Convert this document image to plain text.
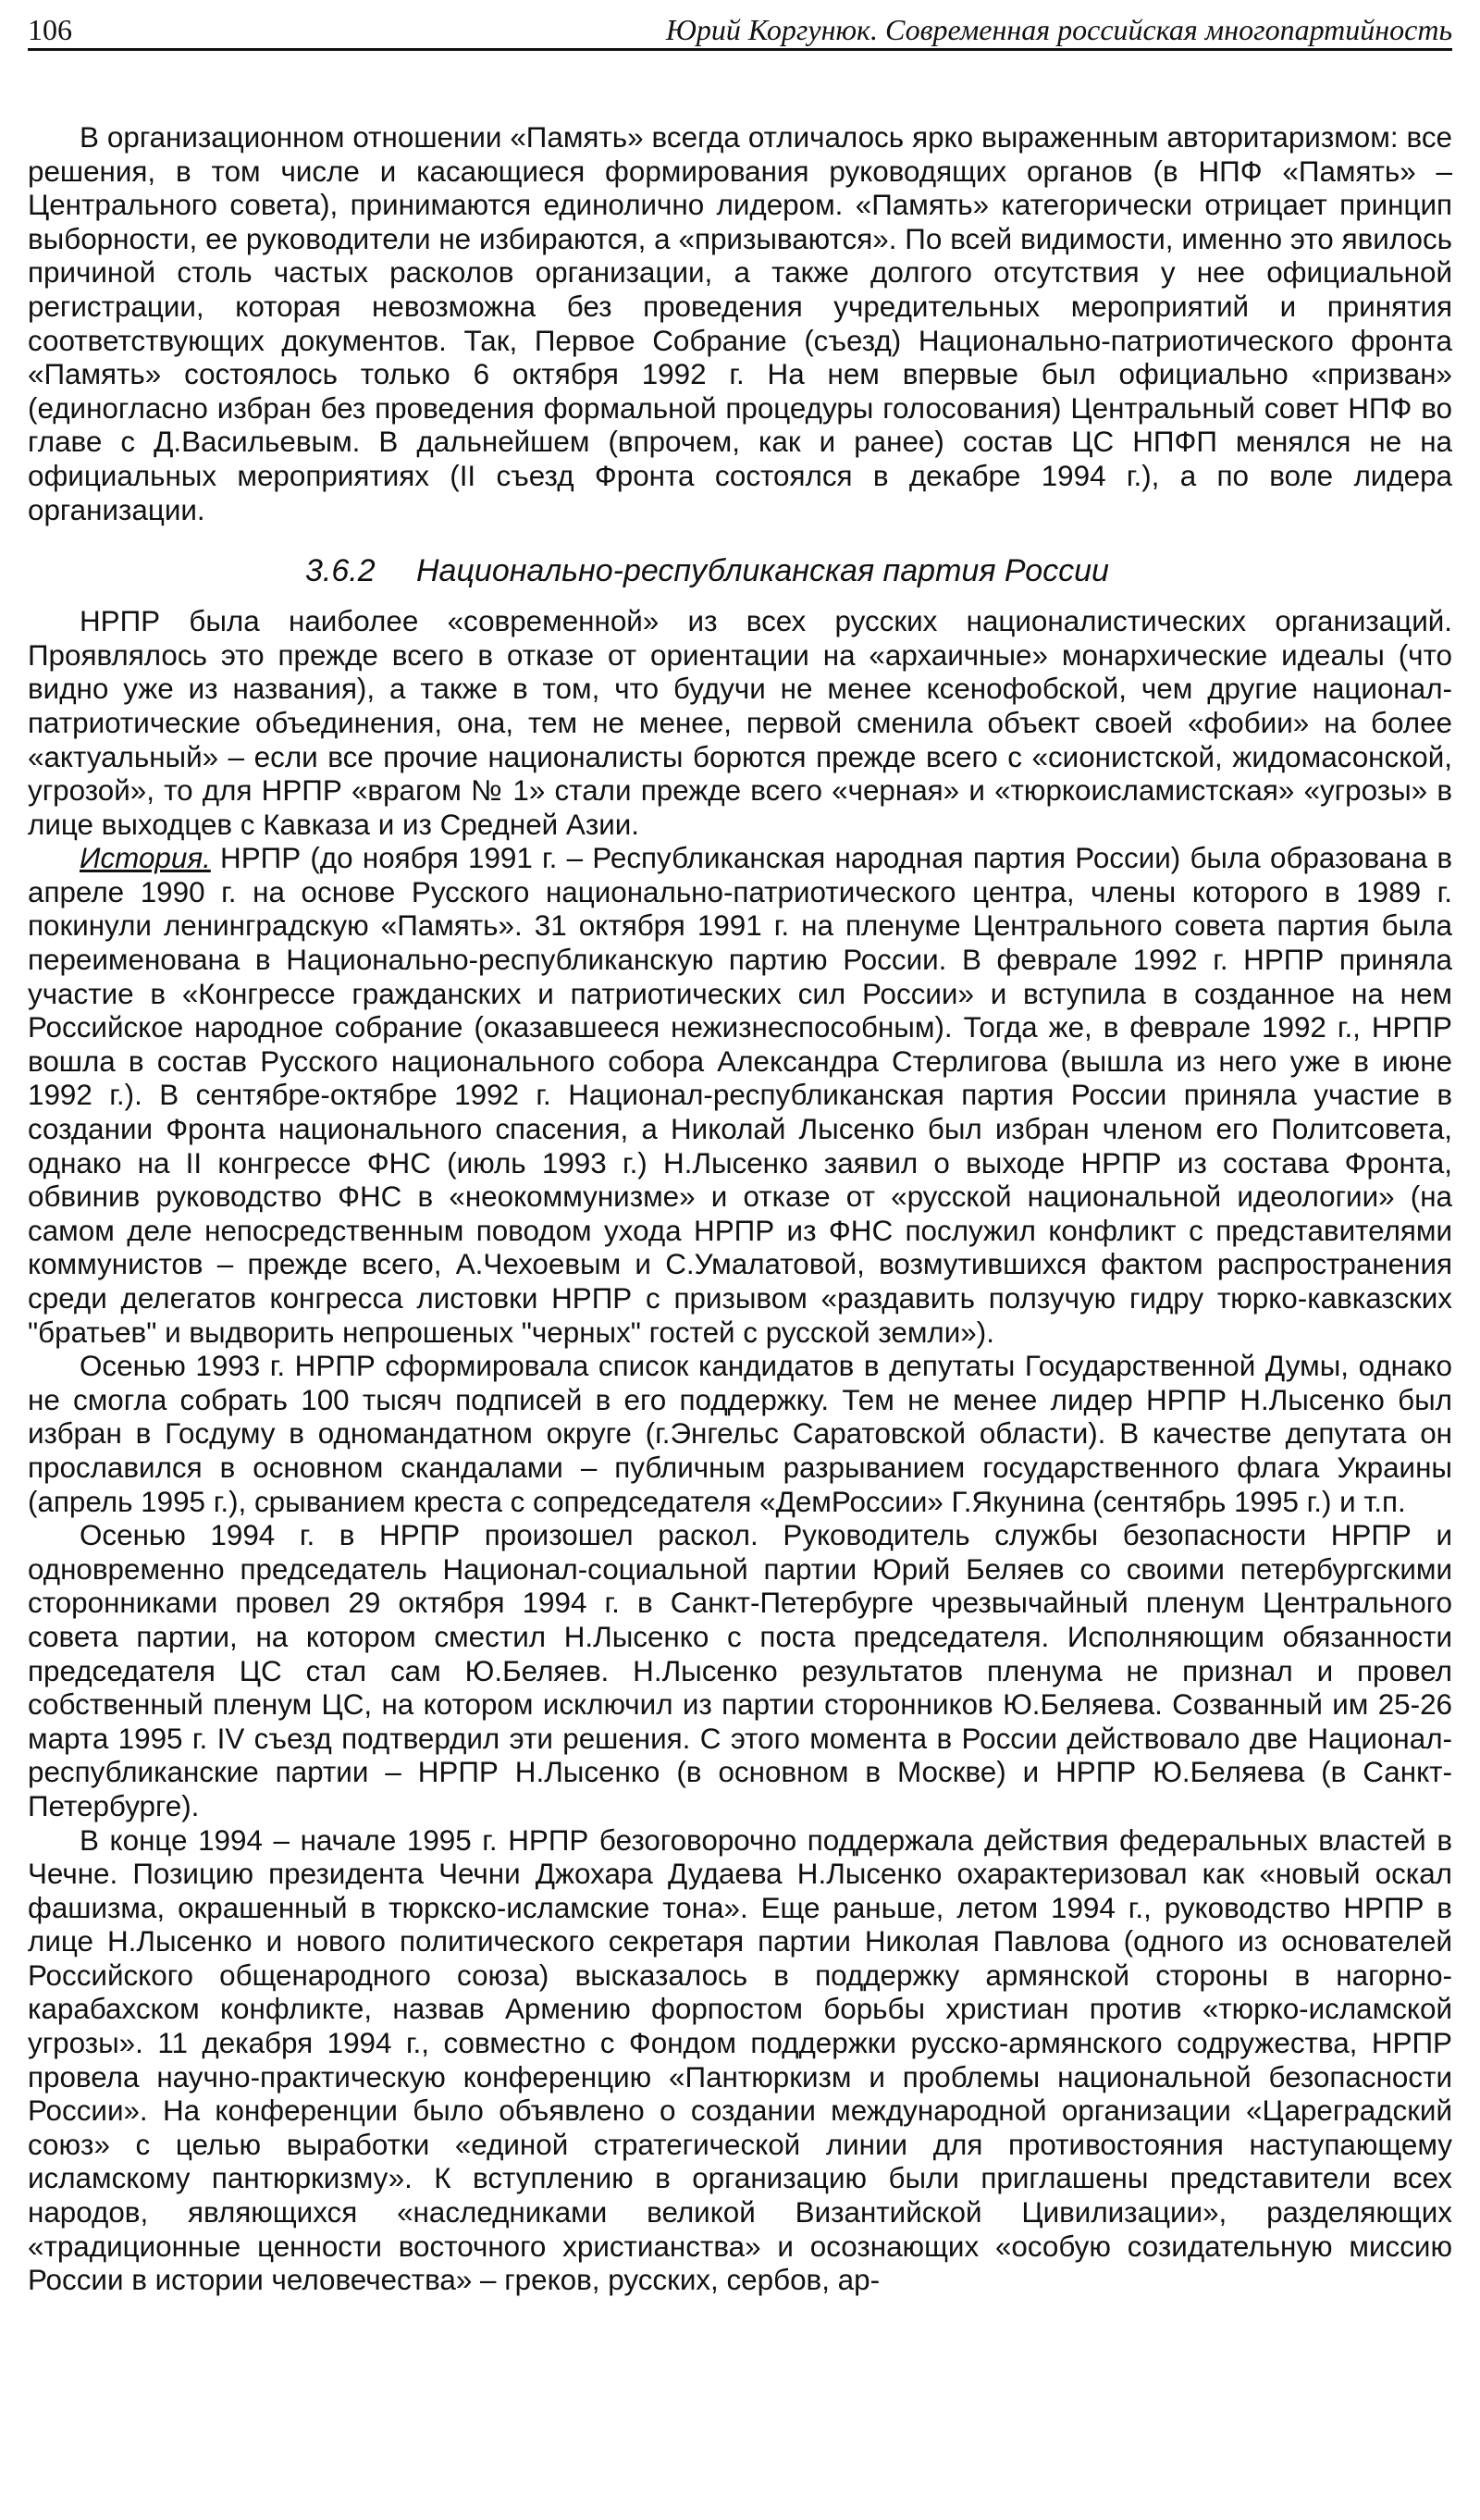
106	Юрий Коргунюк. Современная российская многопартийность

В организационном отношении «Память» всегда отличалось ярко выраженным авторитаризмом: все решения, в том числе и касающиеся формирования руководящих органов (в НПФ «Память» – Центрального совета), принимаются единолично лидером. «Память» категорически отрицает принцип выборности, ее руководители не избираются, а «призываются». По всей видимости, именно это явилось причиной столь частых расколов организации, а также долгого отсутствия у нее официальной регистрации, которая невозможна без проведения учредительных мероприятий и принятия соответствующих документов. Так, Первое Собрание (съезд) Национально-патриотического фронта «Память» состоялось только 6 октября 1992 г. На нем впервые был официально «призван» (единогласно избран без проведения формальной процедуры голосования) Центральный совет НПФ во главе с Д.Васильевым. В дальнейшем (впрочем, как и ранее) состав ЦС НПФП менялся не на официальных мероприятиях (II съезд Фронта состоялся в декабре 1994 г.), а по воле лидера организации.

3.6.2 Национально-республиканская партия России

НРПР была наиболее «современной» из всех русских националистических организаций. Проявлялось это прежде всего в отказе от ориентации на «архаичные» монархические идеалы (что видно уже из названия), а также в том, что будучи не менее ксенофобской, чем другие национал-патриотические объединения, она, тем не менее, первой сменила объект своей «фобии» на более «актуальный» – если все прочие националисты борются прежде всего с «сионистской, жидомасонской, угрозой», то для НРПР «врагом № 1» стали прежде всего «черная» и «тюркоисламистская» «угрозы» в лице выходцев с Кавказа и из Средней Азии.

История. НРПР (до ноября 1991 г. – Республиканская народная партия России) была образована в апреле 1990 г. на основе Русского национально-патриотического центра, члены которого в 1989 г. покинули ленинградскую «Память». 31 октября 1991 г. на пленуме Центрального совета партия была переименована в Национально-республиканскую партию России. В феврале 1992 г. НРПР приняла участие в «Конгрессе гражданских и патриотических сил России» и вступила в созданное на нем Российское народное собрание (оказавшееся нежизнеспособным). Тогда же, в феврале 1992 г., НРПР вошла в состав Русского национального собора Александра Стерлигова (вышла из него уже в июне 1992 г.). В сентябре-октябре 1992 г. Национал-республиканская партия России приняла участие в создании Фронта национального спасения, а Николай Лысенко был избран членом его Политсовета, однако на II конгрессе ФНС (июль 1993 г.) Н.Лысенко заявил о выходе НРПР из состава Фронта, обвинив руководство ФНС в «неокоммунизме» и отказе от «русской национальной идеологии» (на самом деле непосредственным поводом ухода НРПР из ФНС послужил конфликт с представителями коммунистов – прежде всего, А.Чехоевым и С.Умалатовой, возмутившихся фактом распространения среди делегатов конгресса листовки НРПР с призывом «раздавить ползучую гидру тюрко-кавказских "братьев" и выдворить непрошеных "черных" гостей с русской земли»).

Осенью 1993 г. НРПР сформировала список кандидатов в депутаты Государственной Думы, однако не смогла собрать 100 тысяч подписей в его поддержку. Тем не менее лидер НРПР Н.Лысенко был избран в Госдуму в одномандатном округе (г.Энгельс Саратовской области). В качестве депутата он прославился в основном скандалами – публичным разрыванием государственного флага Украины (апрель 1995 г.), срыванием креста с сопредседателя «ДемРоссии» Г.Якунина (сентябрь 1995 г.) и т.п.

Осенью 1994 г. в НРПР произошел раскол. Руководитель службы безопасности НРПР и одновременно председатель Национал-социальной партии Юрий Беляев со своими петербургскими сторонниками провел 29 октября 1994 г. в Санкт-Петербурге чрезвычайный пленум Центрального совета партии, на котором сместил Н.Лысенко с поста председателя. Исполняющим обязанности председателя ЦС стал сам Ю.Беляев. Н.Лысенко результатов пленума не признал и провел собственный пленум ЦС, на котором исключил из партии сторонников Ю.Беляева. Созванный им 25-26 марта 1995 г. IV съезд подтвердил эти решения. С этого момента в России действовало две Национал-республиканские партии – НРПР Н.Лысенко (в основном в Москве) и НРПР Ю.Беляева (в Санкт-Петербурге).

В конце 1994 – начале 1995 г. НРПР безоговорочно поддержала действия федеральных властей в Чечне. Позицию президента Чечни Джохара Дудаева Н.Лысенко охарактеризовал как «новый оскал фашизма, окрашенный в тюркско-исламские тона». Еще раньше, летом 1994 г., руководство НРПР в лице Н.Лысенко и нового политического секретаря партии Николая Павлова (одного из основателей Российского общенародного союза) высказалось в поддержку армянской стороны в нагорно-карабахском конфликте, назвав Армению форпостом борьбы христиан против «тюрко-исламской угрозы». 11 декабря 1994 г., совместно с Фондом поддержки русско-армянского содружества, НРПР провела научно-практическую конференцию «Пантюркизм и проблемы национальной безопасности России». На конференции было объявлено о создании международной организации «Цареградский союз» с целью выработки «единой стратегической линии для противостояния наступающему исламскому пантюркизму». К вступлению в организацию были приглашены представители всех народов, являющихся «наследниками великой Византийской Цивилизации», разделяющих «традиционные ценности восточного христианства» и осознающих «особую созидательную миссию России в истории человечества» – греков, русских, сербов, ар-
